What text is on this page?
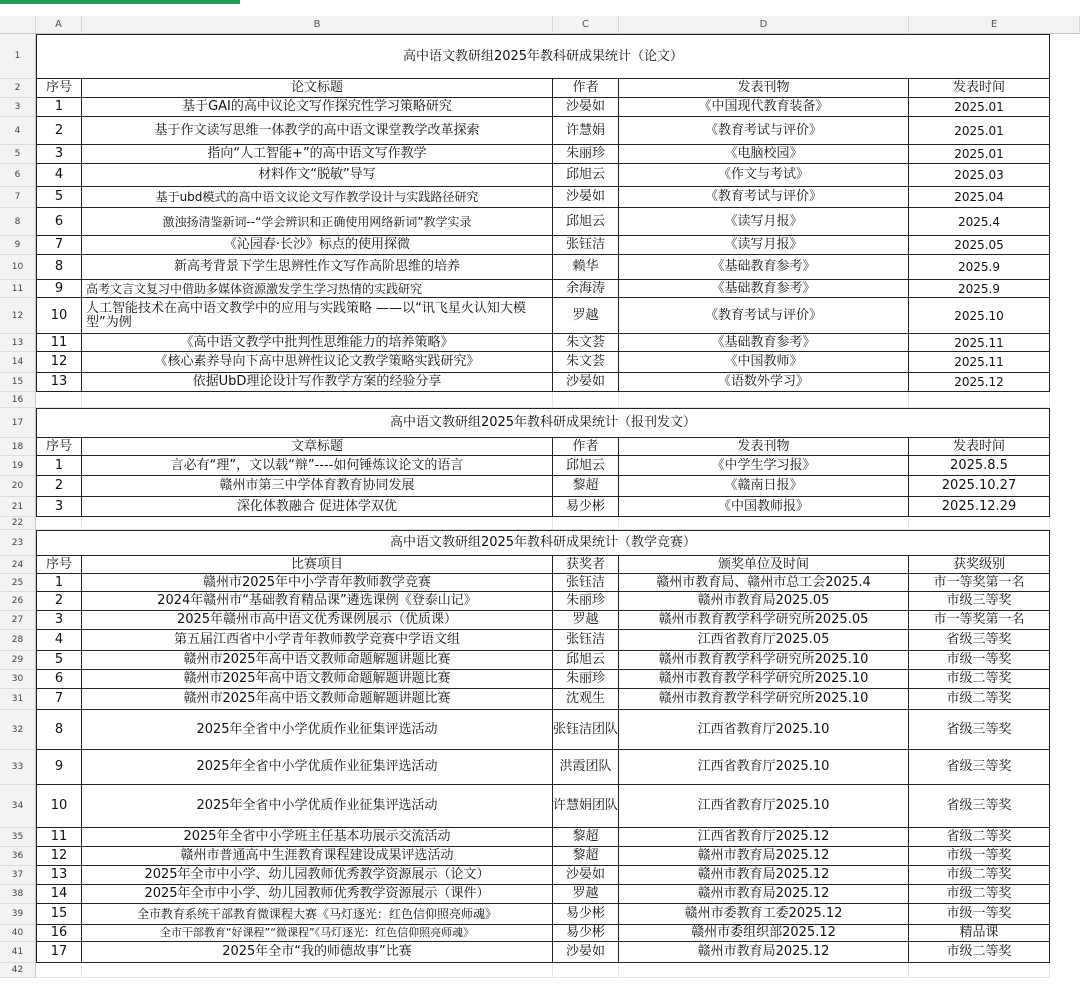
A	B	C	D	E
1
2
3
4
5
6
7
8
9
10
11
12
13
14
15
16
17
18
19
20
21
22
23
24
25
26
27
28
29
30
31
32
33
34
35
36
37
38
39
40
41
42
高中语文教研组2025年教科研成果统计（论文）
序号	论文标题	作者	发表刊物	发表时间
1	基于GAI的高中议论文写作探究性学习策略研究	沙晏如	《中国现代教育装备》	2025.01
2	基于作文读写思维一体教学的高中语文课堂教学改革探索	许慧娟	《教育考试与评价》	2025.01
3	指向“人工智能+”的高中语文写作教学	朱丽珍	《电脑校园》	2025.01
4	材料作文“脱敏”导写	邱旭云	《作文与考试》	2025.03
5	基于ubd模式的高中语文议论文写作教学设计与实践路径研究	沙晏如	《教育考试与评价》	2025.04
6	激浊扬清鉴新词--“学会辨识和正确使用网络新词”教学实录	邱旭云	《读写月报》	2025.4
7	《沁园春·长沙》标点的使用探微	张钰洁	《读写月报》	2025.05
8	新高考背景下学生思辨性作文写作高阶思维的培养	赖华	《基础教育参考》	2025.9
9	高考文言文复习中借助多媒体资源激发学生学习热情的实践研究	余海涛	《基础教育参考》	2025.9
10	人工智能技术在高中语文教学中的应用与实践策略 ——以“讯飞星火认知大模型”为例	罗越	《教育考试与评价》	2025.10
11	《高中语文教学中批判性思维能力的培养策略》	朱文荟	《基础教育参考》	2025.11
12	《核心素养导向下高中思辨性议论文教学策略实践研究》	朱文荟	《中国教师》	2025.11
13	依据UbD理论设计写作教学方案的经验分享	沙晏如	《语数外学习》	2025.12
高中语文教研组2025年教科研成果统计（报刊发文）
序号	文章标题	作者	发表刊物	发表时间
1	言必有“理”，文以载“辩”----如何锤炼议论文的语言	邱旭云	《中学生学习报》	2025.8.5
2	赣州市第三中学体育教育协同发展	黎超	《赣南日报》	2025.10.27
3	深化体教融合 促进体学双优	易少彬	《中国教师报》	2025.12.29
高中语文教研组2025年教科研成果统计（教学竞赛）
序号	比赛项目	获奖者	颁奖单位及时间	获奖级别
1	赣州市2025年中小学青年教师教学竞赛	张钰洁	赣州市教育局、赣州市总工会2025.4	市一等奖第一名
2	2024年赣州市“基础教育精品课”遴选课例《登泰山记》	朱丽珍	赣州市教育局2025.05	市级三等奖
3	2025年赣州市高中语文优秀课例展示（优质课）	罗越	赣州市教育教学科学研究所2025.05	市一等奖第一名
4	第五届江西省中小学青年教师教学竞赛中学语文组	张钰洁	江西省教育厅2025.05	省级三等奖
5	赣州市2025年高中语文教师命题解题讲题比赛	邱旭云	赣州市教育教学科学研究所2025.10	市级一等奖
6	赣州市2025年高中语文教师命题解题讲题比赛	朱丽珍	赣州市教育教学科学研究所2025.10	市级二等奖
7	赣州市2025年高中语文教师命题解题讲题比赛	沈观生	赣州市教育教学科学研究所2025.10	市级二等奖
8	2025年全省中小学优质作业征集评选活动	张钰洁团队	江西省教育厅2025.10	省级三等奖
9	2025年全省中小学优质作业征集评选活动	洪霞团队	江西省教育厅2025.10	省级三等奖
10	2025年全省中小学优质作业征集评选活动	许慧娟团队	江西省教育厅2025.10	省级三等奖
11	2025年全省中小学班主任基本功展示交流活动	黎超	江西省教育厅2025.12	省级二等奖
12	赣州市普通高中生涯教育课程建设成果评选活动	黎超	赣州市教育局2025.12	市级一等奖
13	2025年全市中小学、幼儿园教师优秀教学资源展示（论文）	沙晏如	赣州市教育局2025.12	市级二等奖
14	2025年全市中小学、幼儿园教师优秀教学资源展示（课件）	罗越	赣州市教育局2025.12	市级二等奖
15	全市教育系统干部教育微课程大赛《马灯逐光：红色信仰照亮师魂》	易少彬	赣州市委教育工委2025.12	市级一等奖
16	全市干部教育“好课程”“微课程”《马灯逐光：红色信仰照亮师魂》	易少彬	赣州市委组织部2025.12	精品课
17	2025年全市“我的师德故事”比赛	沙晏如	赣州市教育局2025.12	市级二等奖
